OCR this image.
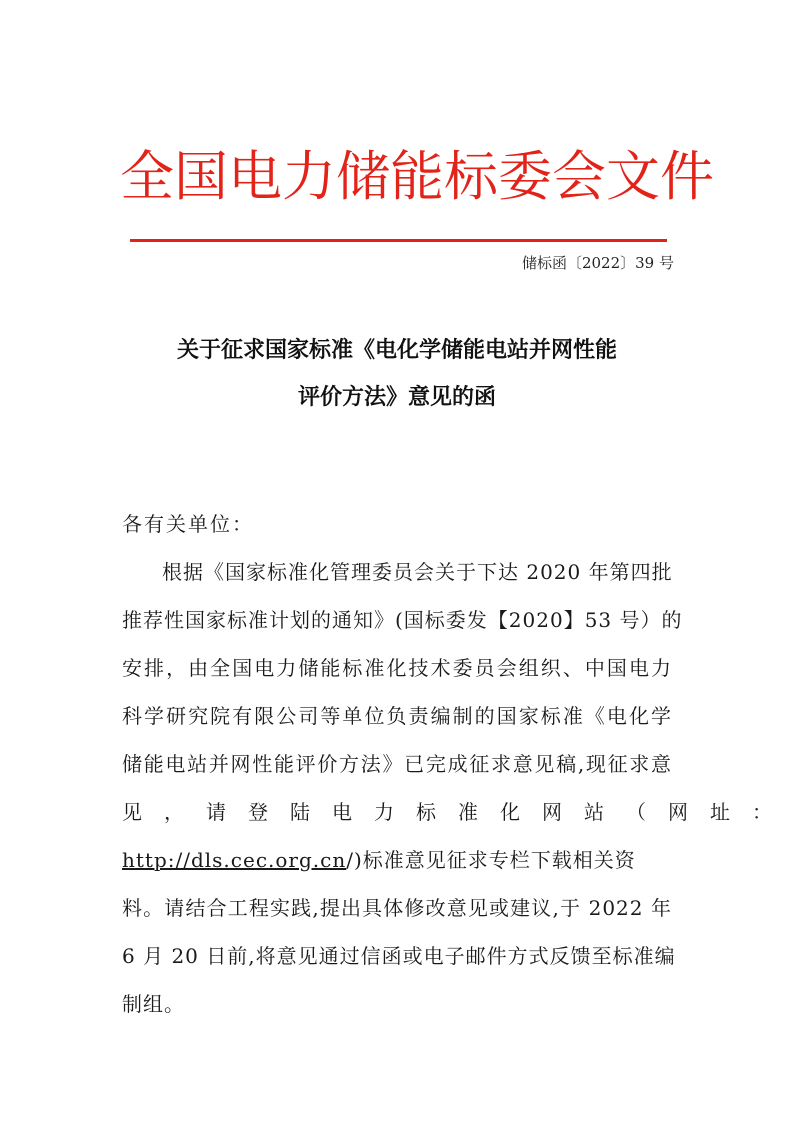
全国电力储能标委会文件
储标函〔2022〕39 号
关于征求国家标准《电化学储能电站并网性能
评价方法》意见的函
各有关单位：
根据《国家标准化管理委员会关于下达 2020 年第四批
推荐性国家标准计划的通知》(国标委发【2020】53 号）的
安排，由全国电力储能标准化技术委员会组织、中国电力
科学研究院有限公司等单位负责编制的国家标准《电化学
储能电站并网性能评价方法》已完成征求意见稿,现征求意
见，请登陆电力标准化网站（网址：
http://dls.cec.org.cn/)标准意见征求专栏下载相关资
料。请结合工程实践,提出具体修改意见或建议,于 2022 年
6 月 20 日前,将意见通过信函或电子邮件方式反馈至标准编
制组。
